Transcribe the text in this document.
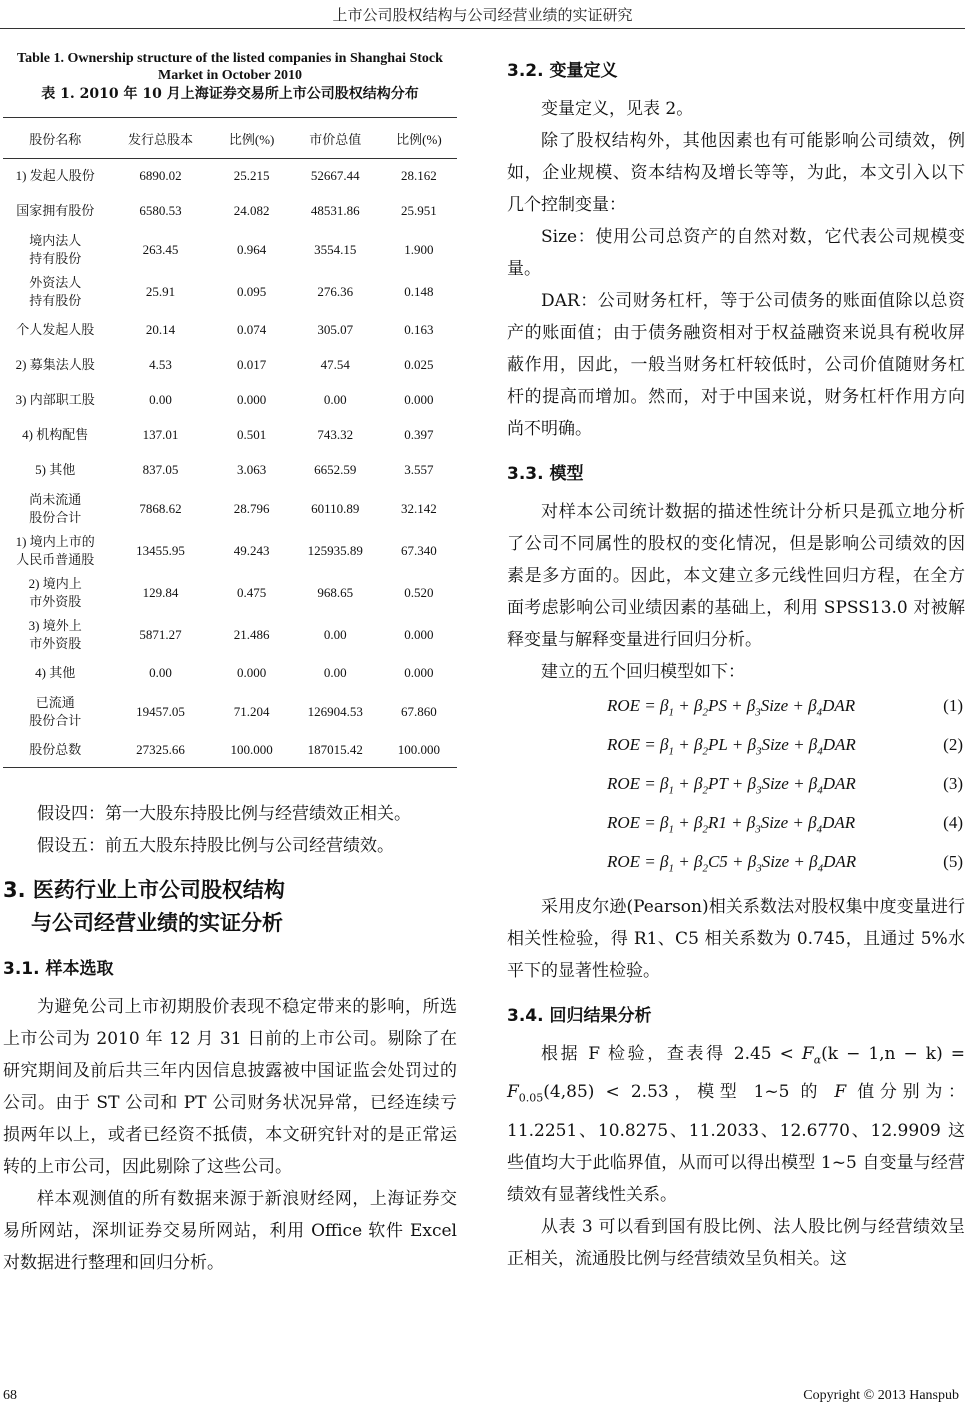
上市公司股权结构与公司经营业绩的实证研究
Table 1. Ownership structure of the listed companies in Shanghai Stock Market in October 2010
表 1. 2010 年 10 月上海证券交易所上市公司股权结构分布
股份名称	发行总股本	比例(%)	市价总值	比例(%)
1) 发起人股份	6890.02	25.215	52667.44	28.162
国家拥有股份	6580.53	24.082	48531.86	25.951
境内法人
持有股份	263.45	0.964	3554.15	1.900
外资法人
持有股份	25.91	0.095	276.36	0.148
个人发起人股	20.14	0.074	305.07	0.163
2) 募集法人股	4.53	0.017	47.54	0.025
3) 内部职工股	0.00	0.000	0.00	0.000
4) 机构配售	137.01	0.501	743.32	0.397
5) 其他	837.05	3.063	6652.59	3.557
尚未流通
股份合计	7868.62	28.796	60110.89	32.142
1) 境内上市的
人民币普通股	13455.95	49.243	125935.89	67.340
2) 境内上
市外资股	129.84	0.475	968.65	0.520
3) 境外上
市外资股	5871.27	21.486	0.00	0.000
4) 其他	0.00	0.000	0.00	0.000
已流通
股份合计	19457.05	71.204	126904.53	67.860
股份总数	27325.66	100.000	187015.42	100.000

假设四：第一大股东持股比例与经营绩效正相关。

假设五：前五大股东持股比例与公司经营绩效。

3. 医药行业上市公司股权结构
与公司经营业绩的实证分析
3.1. 样本选取

为避免公司上市初期股价表现不稳定带来的影响，所选上市公司为 2010 年 12 月 31 日前的上市公司。剔除了在研究期间及前后共三年内因信息披露被中国证监会处罚过的公司。由于 ST 公司和 PT 公司财务状况异常，已经连续亏损两年以上，或者已经资不抵债，本文研究针对的是正常运转的上市公司，因此剔除了这些公司。

样本观测值的所有数据来源于新浪财经网，上海证券交易所网站，深圳证券交易所网站，利用 Office 软件 Excel 对数据进行整理和回归分析。

3.2. 变量定义

变量定义，见表 2。

除了股权结构外，其他因素也有可能影响公司绩效，例如，企业规模、资本结构及增长等等，为此，本文引入以下几个控制变量：

Size：使用公司总资产的自然对数，它代表公司规模变量。

DAR：公司财务杠杆，等于公司债务的账面值除以总资产的账面值；由于债务融资相对于权益融资来说具有税收屏蔽作用，因此，一般当财务杠杆较低时，公司价值随财务杠杆的提高而增加。然而，对于中国来说，财务杠杆作用方向尚不明确。

3.3. 模型

对样本公司统计数据的描述性统计分析只是孤立地分析了公司不同属性的股权的变化情况，但是影响公司绩效的因素是多方面的。因此，本文建立多元线性回归方程，在全方面考虑影响公司业绩因素的基础上，利用 SPSS13.0 对被解释变量与解释变量进行回归分析。

建立的五个回归模型如下：

ROE = $\beta_1 + \beta_2PS$ + $\beta_3Size + \beta_4DAR$	(1)
ROE = $\beta_1 + \beta_2PL$ + $\beta_3Size + \beta_4DAR$	(2)
ROE = $\beta_1 + \beta_2PT$ + $\beta_3Size + \beta_4DAR$	(3)
ROE = $\beta_1 + \beta_2R1$ + $\beta_3Size + \beta_4DAR$	(4)
ROE = $\beta_1 + \beta_2C5$ + $\beta_3Size + \beta_4DAR$	(5)

采用皮尔逊(Pearson)相关系数法对股权集中度变量进行相关性检验，得 R1、C5 相关系数为 0.745，且通过 5%水平下的显著性检验。

3.4. 回归结果分析

根据 F 检验，查表得 $2.45 < F_\alpha(k - 1,n - k) = F_{0.05}(4,85) < 2.53$，模型 1~5 的 F 值分别为：11.2251、10.8275、11.2033、12.6770、12.9909 这些值均大于此临界值，从而可以得出模型 1~5 自变量与经营绩效有显著线性关系。

从表 3 可以看到国有股比例、法人股比例与经营绩效呈正相关，流通股比例与经营绩效呈负相关。这

68	Copyright © 2013 Hanspub
